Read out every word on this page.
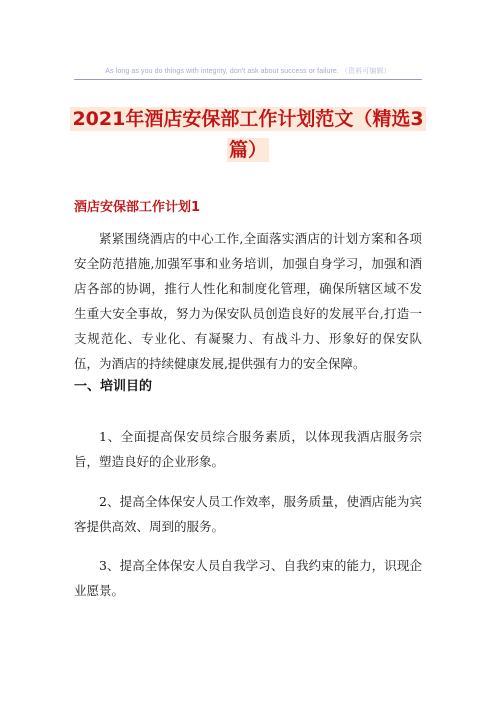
As long as you do things with integrity, don't ask about success or failure. （资料可编辑）
2021年酒店安保部工作计划范文（精选3篇）
酒店安保部工作计划1
紧紧围绕酒店的中心工作,全面落实酒店的计划方案和各项安全防范措施,加强军事和业务培训，加强自身学习，加强和酒店各部的协调，推行人性化和制度化管理，确保所辖区域不发生重大安全事故，努力为保安队员创造良好的发展平台,打造一支规范化、专业化、有凝聚力、有战斗力、形象好的保安队伍，为酒店的持续健康发展,提供强有力的安全保障。
一、培训目的
1、全面提高保安员综合服务素质，以体现我酒店服务宗旨，塑造良好的企业形象。
2、提高全体保安人员工作效率，服务质量，使酒店能为宾客提供高效、周到的服务。
3、提高全体保安人员自我学习、自我约束的能力，识现企业愿景。
